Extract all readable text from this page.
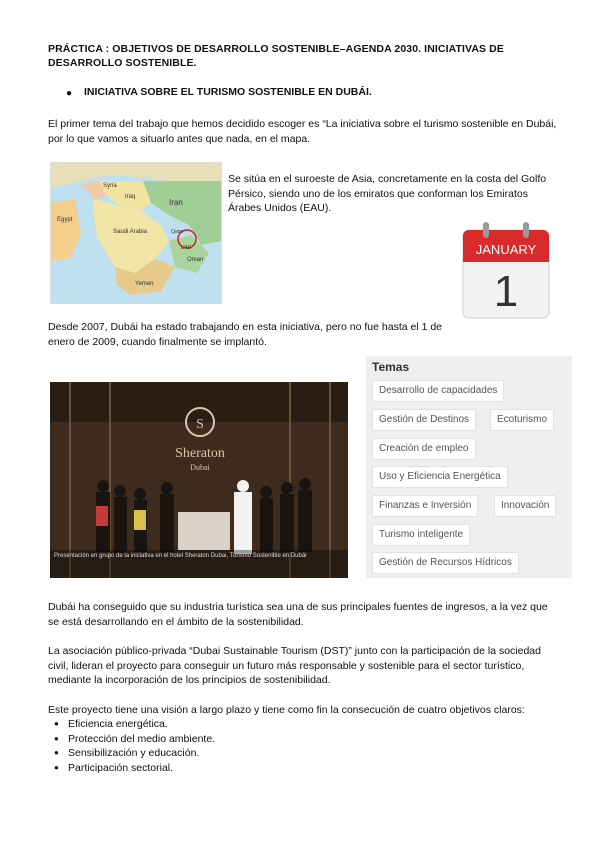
PRÁCTICA : OBJETIVOS DE DESARROLLO SOSTENIBLE–AGENDA 2030. INICIATIVAS DE DESARROLLO SOSTENIBLE.
● INICIATIVA SOBRE EL TURISMO SOSTENIBLE EN DUBÁI.
El primer tema del trabajo que hemos decidido escoger es “La iniciativa sobre el turismo sostenible en Dubái, por lo que vamos a situarlo antes que nada, en el mapa.
Iran
Iraq
Syria
Egypt
Saudi Arabia
Oman
Yemen
Qatar
UAE
Se sitúa en el suroeste de Asia, concretamente en la costa del Golfo Pérsico, siendo uno de los emiratos que conforman los Emiratos Árabes Unidos (EAU).
JANUARY
1
Desde 2007, Dubái ha estado trabajando en esta iniciativa, pero no fue hasta el 1 de enero de 2009, cuando finalmente se implantó.
S
Sheraton
Dubai
Presentación en grupo de la iniciativa en el hotel Sheraton Dubai, Turismo Sostenible en Dubái
Temas
Desarrollo de capacidades
Gestión de Destinos	Ecoturismo
Creación de empleo
Uso y Eficiencia Energética
Finanzas e Inversión	Innovación
Turismo inteligente
Gestión de Recursos Hídricos
Dubái ha conseguido que su industria turística sea una de sus principales fuentes de ingresos, a la vez que se está desarrollando en el ámbito de la sostenibilidad.
La asociación público-privada “Dubai Sustainable Tourism (DST)” junto con la participación de la sociedad civil, lideran el proyecto para conseguir un futuro más responsable y sostenible para el sector turístico, mediante la incorporación de los principios de sostenibilidad.
Este proyecto tiene una visión a largo plazo y tiene como fin la consecución de cuatro objetivos claros:
● Eficiencia energética.
● Protección del medio ambiente.
● Sensibilización y educación.
● Participación sectorial.
